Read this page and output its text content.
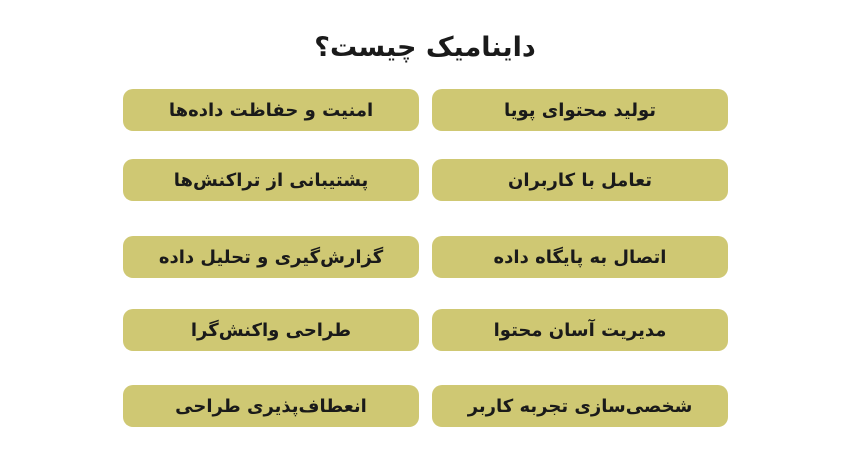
داینامیک چیست؟
تولید محتوای پویا
امنیت و حفاظت داده‌ها
تعامل با کاربران
پشتیبانی از تراکنش‌ها
اتصال به پایگاه داده
گزارش‌گیری و تحلیل داده
مدیریت آسان محتوا
طراحی واکنش‌گرا
شخصی‌سازی تجربه کاربر
انعطاف‌پذیری طراحی
